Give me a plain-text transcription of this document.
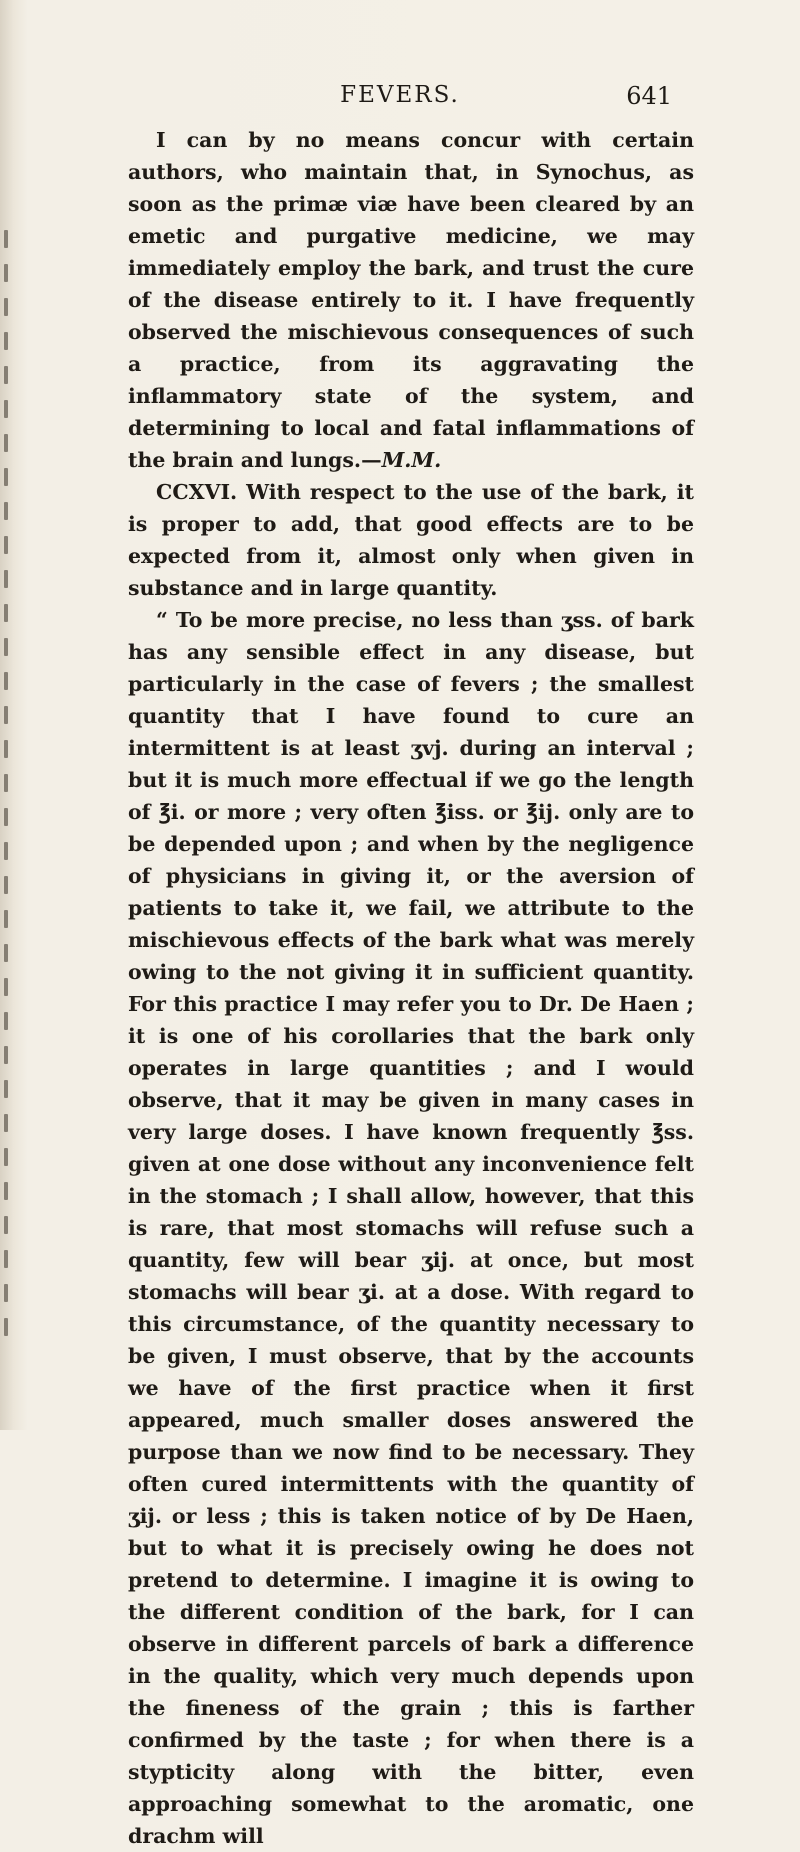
FEVERS.	641

I can by no means concur with certain authors, who maintain that, in Synochus, as soon as the primæ viæ have been cleared by an emetic and purgative medicine, we may immediately employ the bark, and trust the cure of the disease entirely to it. I have frequently observed the mischievous consequences of such a practice, from its aggravating the inflammatory state of the system, and determining to local and fatal inflammations of the brain and lungs.—M.M.

CCXVI. With respect to the use of the bark, it is proper to add, that good effects are to be expected from it, almost only when given in substance and in large quantity.

“ To be more precise, no less than ʒss. of bark has any sensible effect in any disease, but particularly in the case of fevers ; the smallest quantity that I have found to cure an intermittent is at least ʒvj. during an interval ; but it is much more effectual if we go the length of ℥i. or more ; very often ℥iss. or ℥ij. only are to be depended upon ; and when by the negligence of physicians in giving it, or the aversion of patients to take it, we fail, we attribute to the mischievous effects of the bark what was merely owing to the not giving it in sufficient quantity. For this practice I may refer you to Dr. De Haen ; it is one of his corollaries that the bark only operates in large quantities ; and I would observe, that it may be given in many cases in very large doses. I have known frequently ℥ss. given at one dose without any inconvenience felt in the stomach ; I shall allow, however, that this is rare, that most stomachs will refuse such a quantity, few will bear ʒij. at once, but most stomachs will bear ʒi. at a dose. With regard to this circumstance, of the quantity necessary to be given, I must observe, that by the accounts we have of the first practice when it first appeared, much smaller doses answered the purpose than we now find to be necessary. They often cured intermittents with the quantity of ʒij. or less ; this is taken notice of by De Haen, but to what it is precisely owing he does not pretend to determine. I imagine it is owing to the different condition of the bark, for I can observe in different parcels of bark a difference in the quality, which very much depends upon the fineness of the grain ; this is farther confirmed by the taste ; for when there is a stypticity along with the bitter, even approaching somewhat to the aromatic, one drachm will
